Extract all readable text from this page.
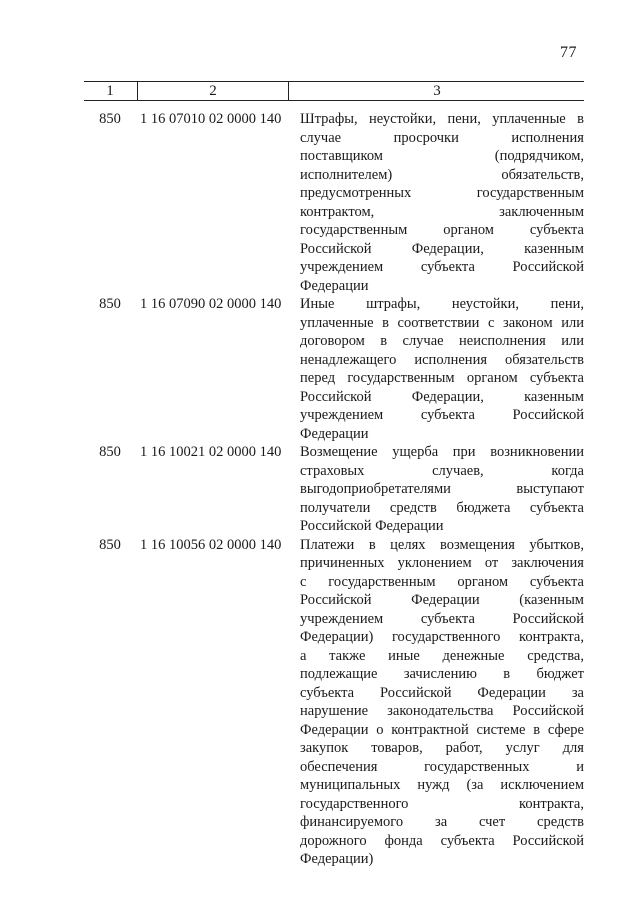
77
1	2	3
850	1 16 07010 02 0000 140	Штрафы, неустойки, пени, уплаченные в
случае	просрочки	исполнения
поставщиком	(подрядчиком,
исполнителем)	обязательств,
предусмотренных	государственным
контрактом,	заключенным
государственным органом субъекта
Российской	Федерации,	казенным
учреждением	субъекта	Российской
Федерации
850	1 16 07090 02 0000 140	Иные штрафы, неустойки, пени,
уплаченные в соответствии с законом или
договором в случае неисполнения или
ненадлежащего исполнения обязательств
перед государственным органом субъекта
Российской	Федерации,	казенным
учреждением	субъекта	Российской
Федерации
850	1 16 10021 02 0000 140	Возмещение ущерба при возникновении
страховых	случаев,	когда
выгодоприобретателями	выступают
получатели средств бюджета субъекта
Российской Федерации
850	1 16 10056 02 0000 140	Платежи в целях возмещения убытков,
причиненных уклонением от заключения
с государственным органом субъекта
Российской	Федерации	(казенным
учреждением	субъекта	Российской
Федерации) государственного контракта,
а также иные денежные средства,
подлежащие зачислению в бюджет
субъекта Российской Федерации за
нарушение законодательства Российской
Федерации о контрактной системе в сфере
закупок товаров, работ, услуг для
обеспечения	государственных	и
муниципальных нужд (за исключением
государственного	контракта,
финансируемого за счет средств
дорожного фонда субъекта Российской
Федерации)
